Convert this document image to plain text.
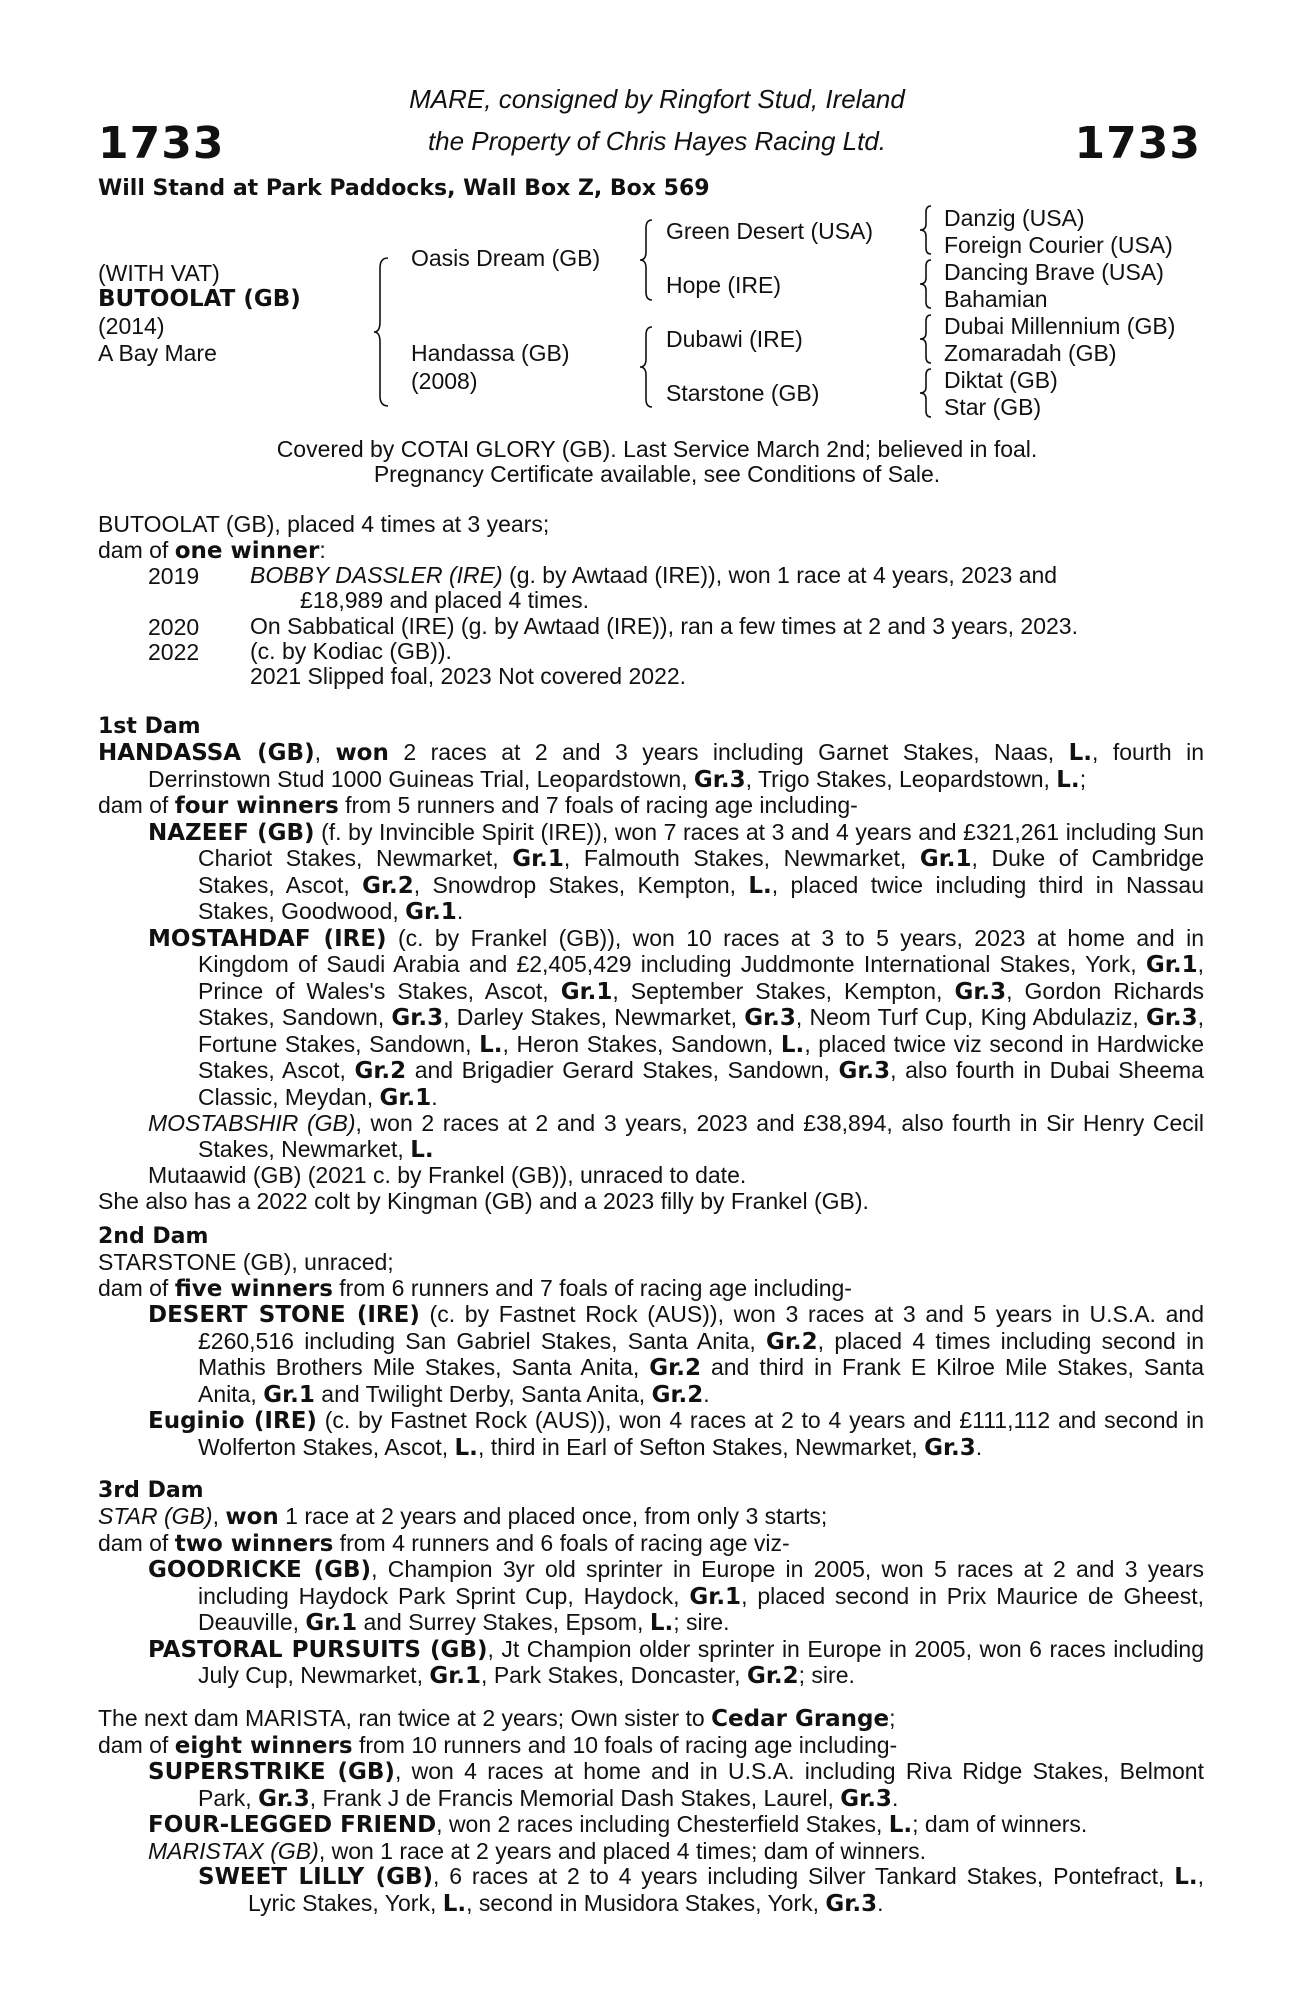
1733	1733
MARE, consigned by Ringfort Stud, Ireland
the Property of Chris Hayes Racing Ltd.
Will Stand at Park Paddocks, Wall Box Z, Box 569
(WITH VAT)
BUTOOLAT (GB)
(2014)
A Bay Mare
Oasis Dream (GB)
Handassa (GB)
(2008)
Green Desert (USA)
Hope (IRE)
Dubawi (IRE)
Starstone (GB)
Danzig (USA)
Foreign Courier (USA)
Dancing Brave (USA)
Bahamian
Dubai Millennium (GB)
Zomaradah (GB)
Diktat (GB)
Star (GB)
Covered by COTAI GLORY (GB). Last Service March 2nd; believed in foal.
Pregnancy Certificate available, see Conditions of Sale.
BUTOOLAT (GB), placed 4 times at 3 years;
dam of one winner:
2019 BOBBY DASSLER (IRE) (g. by Awtaad (IRE)), won 1 race at 4 years, 2023 and
£18,989 and placed 4 times.
2020 On Sabbatical (IRE) (g. by Awtaad (IRE)), ran a few times at 2 and 3 years, 2023.
2022 (c. by Kodiac (GB)).
2021 Slipped foal, 2023 Not covered 2022.
1st Dam
HANDASSA (GB), won 2 races at 2 and 3 years including Garnet Stakes, Naas, L., fourth in Derrinstown Stud 1000 Guineas Trial, Leopardstown, Gr.3, Trigo Stakes, Leopardstown, L.;
dam of four winners from 5 runners and 7 foals of racing age including-
NAZEEF (GB) (f. by Invincible Spirit (IRE)), won 7 races at 3 and 4 years and £321,261 including Sun Chariot Stakes, Newmarket, Gr.1, Falmouth Stakes, Newmarket, Gr.1, Duke of Cambridge Stakes, Ascot, Gr.2, Snowdrop Stakes, Kempton, L., placed twice including third in Nassau Stakes, Goodwood, Gr.1.
MOSTAHDAF (IRE) (c. by Frankel (GB)), won 10 races at 3 to 5 years, 2023 at home and in Kingdom of Saudi Arabia and £2,405,429 including Juddmonte International Stakes, York, Gr.1, Prince of Wales's Stakes, Ascot, Gr.1, September Stakes, Kempton, Gr.3, Gordon Richards Stakes, Sandown, Gr.3, Darley Stakes, Newmarket, Gr.3, Neom Turf Cup, King Abdulaziz, Gr.3, Fortune Stakes, Sandown, L., Heron Stakes, Sandown, L., placed twice viz second in Hardwicke Stakes, Ascot, Gr.2 and Brigadier Gerard Stakes, Sandown, Gr.3, also fourth in Dubai Sheema Classic, Meydan, Gr.1.
MOSTABSHIR (GB), won 2 races at 2 and 3 years, 2023 and £38,894, also fourth in Sir Henry Cecil Stakes, Newmarket, L.
Mutaawid (GB) (2021 c. by Frankel (GB)), unraced to date.
She also has a 2022 colt by Kingman (GB) and a 2023 filly by Frankel (GB).
2nd Dam
STARSTONE (GB), unraced;
dam of five winners from 6 runners and 7 foals of racing age including-
DESERT STONE (IRE) (c. by Fastnet Rock (AUS)), won 3 races at 3 and 5 years in U.S.A. and £260,516 including San Gabriel Stakes, Santa Anita, Gr.2, placed 4 times including second in Mathis Brothers Mile Stakes, Santa Anita, Gr.2 and third in Frank E Kilroe Mile Stakes, Santa Anita, Gr.1 and Twilight Derby, Santa Anita, Gr.2.
Euginio (IRE) (c. by Fastnet Rock (AUS)), won 4 races at 2 to 4 years and £111,112 and second in Wolferton Stakes, Ascot, L., third in Earl of Sefton Stakes, Newmarket, Gr.3.
3rd Dam
STAR (GB), won 1 race at 2 years and placed once, from only 3 starts;
dam of two winners from 4 runners and 6 foals of racing age viz-
GOODRICKE (GB), Champion 3yr old sprinter in Europe in 2005, won 5 races at 2 and 3 years including Haydock Park Sprint Cup, Haydock, Gr.1, placed second in Prix Maurice de Gheest, Deauville, Gr.1 and Surrey Stakes, Epsom, L.; sire.
PASTORAL PURSUITS (GB), Jt Champion older sprinter in Europe in 2005, won 6 races including July Cup, Newmarket, Gr.1, Park Stakes, Doncaster, Gr.2; sire.
The next dam MARISTA, ran twice at 2 years; Own sister to Cedar Grange;
dam of eight winners from 10 runners and 10 foals of racing age including-
SUPERSTRIKE (GB), won 4 races at home and in U.S.A. including Riva Ridge Stakes, Belmont Park, Gr.3, Frank J de Francis Memorial Dash Stakes, Laurel, Gr.3.
FOUR-LEGGED FRIEND, won 2 races including Chesterfield Stakes, L.; dam of winners.
MARISTAX (GB), won 1 race at 2 years and placed 4 times; dam of winners.
SWEET LILLY (GB), 6 races at 2 to 4 years including Silver Tankard Stakes, Pontefract, L., Lyric Stakes, York, L., second in Musidora Stakes, York, Gr.3.
